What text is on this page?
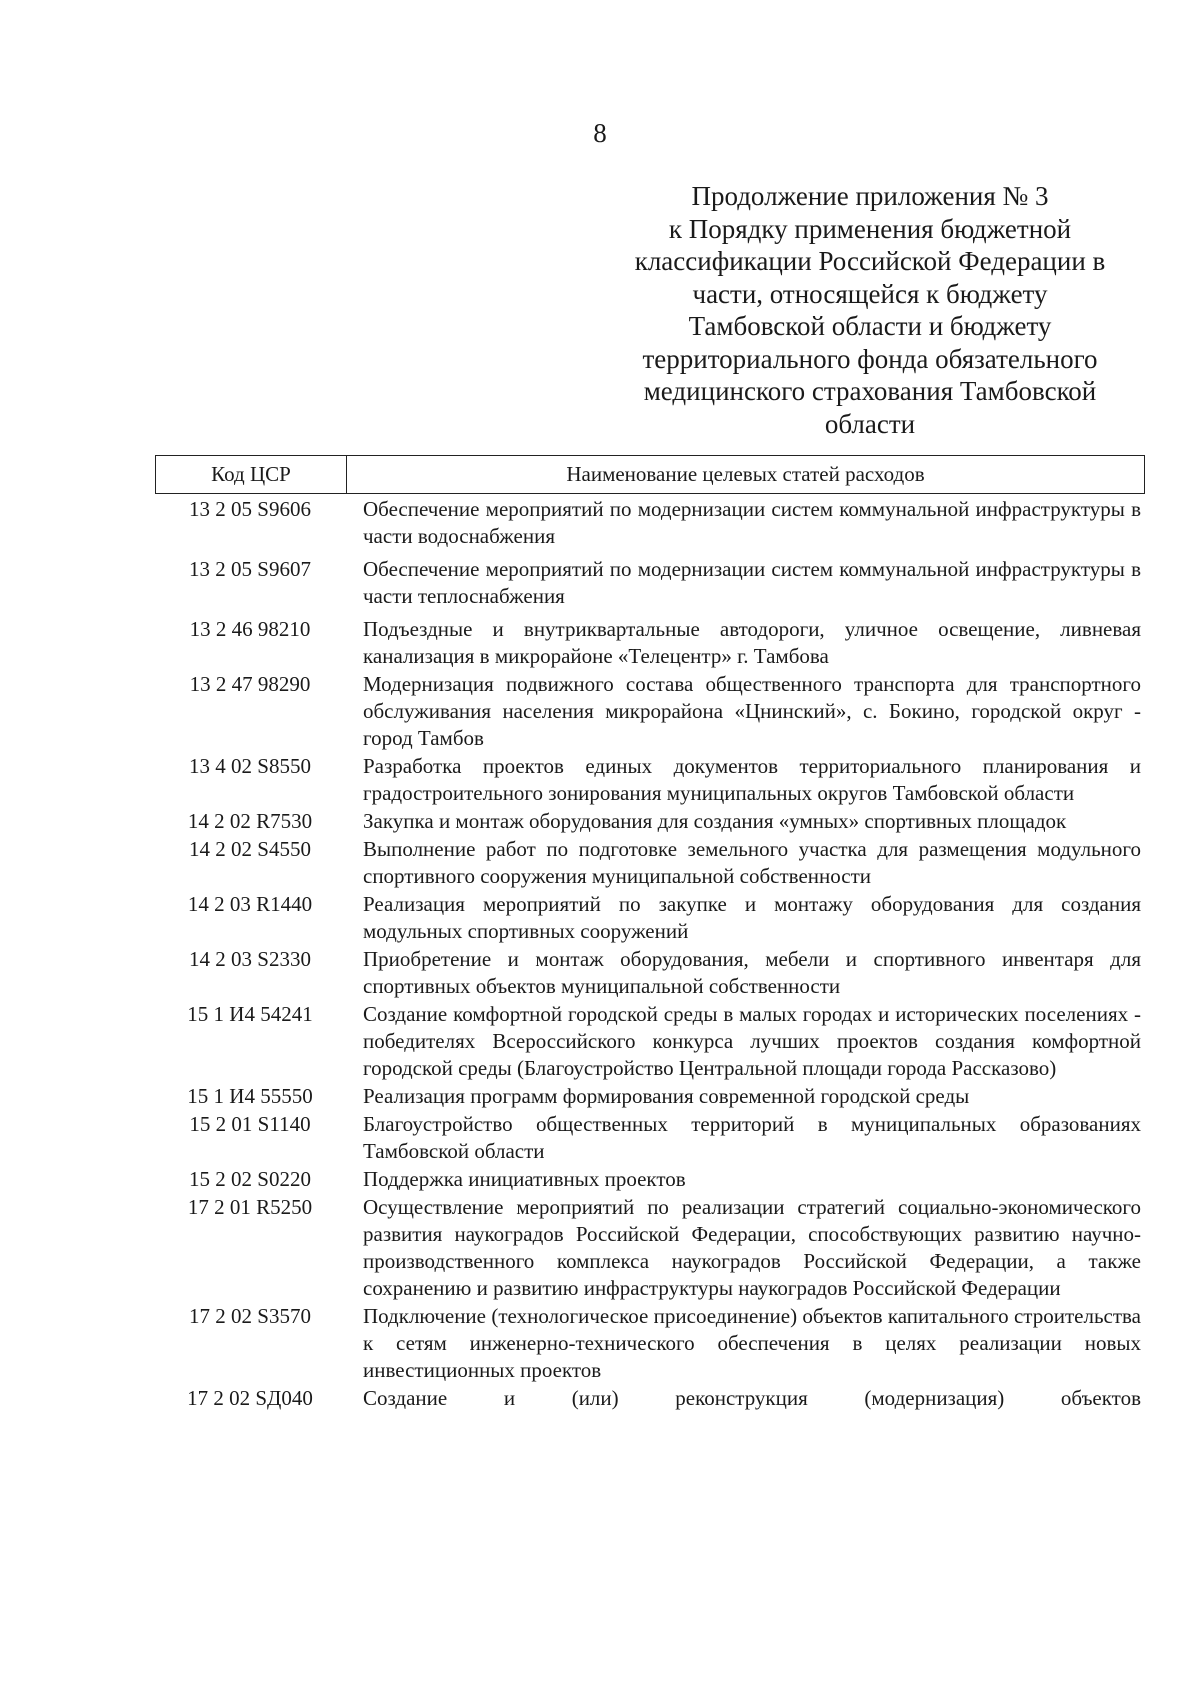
8
Продолжение приложения № 3
к Порядку применения бюджетной
классификации Российской Федерации в
части, относящейся к бюджету
Тамбовской области и бюджету
территориального фонда обязательного
медицинского страхования Тамбовской
области
Код ЦСР	Наименование целевых статей расходов
13 2 05 S9606	Обеспечение мероприятий по модернизации систем коммунальной инфраструктуры в части водоснабжения
13 2 05 S9607	Обеспечение мероприятий по модернизации систем коммунальной инфраструктуры в части теплоснабжения
13 2 46 98210	Подъездные и внутриквартальные автодороги, уличное освещение, ливневая канализация в микрорайоне «Телецентр» г. Тамбова
13 2 47 98290	Модернизация подвижного состава общественного транспорта для транспортного обслуживания населения микрорайона «Цнинский», с. Бокино, городской округ - город Тамбов
13 4 02 S8550	Разработка проектов единых документов территориального планирования и градостроительного зонирования муниципальных округов Тамбовской области
14 2 02 R7530	Закупка и монтаж оборудования для создания «умных» спортивных площадок
14 2 02 S4550	Выполнение работ по подготовке земельного участка для размещения модульного спортивного сооружения муниципальной собственности
14 2 03 R1440	Реализация мероприятий по закупке и монтажу оборудования для создания модульных спортивных сооружений
14 2 03 S2330	Приобретение и монтаж оборудования, мебели и спортивного инвентаря для спортивных объектов муниципальной собственности
15 1 И4 54241	Создание комфортной городской среды в малых городах и исторических поселениях - победителях Всероссийского конкурса лучших проектов создания комфортной городской среды (Благоустройство Центральной площади города Рассказово)
15 1 И4 55550	Реализация программ формирования современной городской среды
15 2 01 S1140	Благоустройство общественных территорий в муниципальных образованиях Тамбовской области
15 2 02 S0220	Поддержка инициативных проектов
17 2 01 R5250	Осуществление мероприятий по реализации стратегий социально-экономического развития наукоградов Российской Федерации, способствующих развитию научно-производственного комплекса наукоградов Российской Федерации, а также сохранению и развитию инфраструктуры наукоградов Российской Федерации
17 2 02 S3570	Подключение (технологическое присоединение) объектов капитального строительства к сетям инженерно-технического обеспечения в целях реализации новых инвестиционных проектов
17 2 02 SД040	Создание и (или) реконструкция (модернизация) объектов
